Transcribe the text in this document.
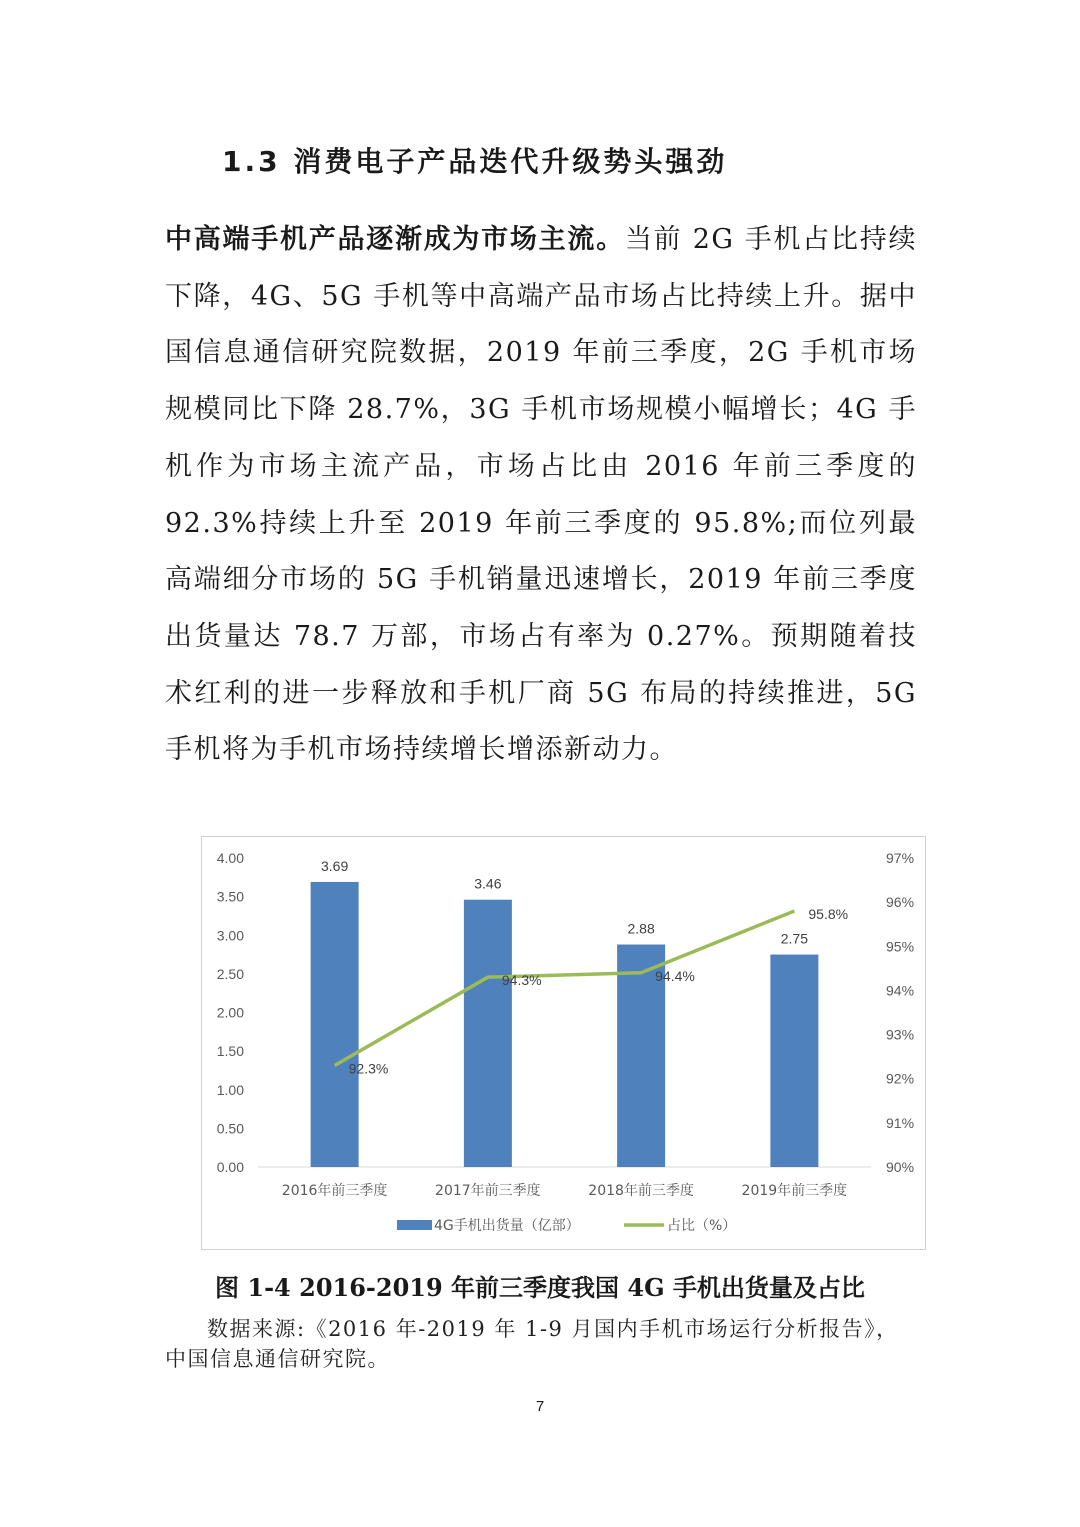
1.3 消费电子产品迭代升级势头强劲
中高端手机产品逐渐成为市场主流。当前 2G 手机占比持续下降，4G、5G 手机等中高端产品市场占比持续上升。据中国信息通信研究院数据，2019 年前三季度，2G 手机市场规模同比下降 28.7%，3G 手机市场规模小幅增长；4G 手机作为市场主流产品，市场占比由 2016 年前三季度的 92.3%持续上升至 2019 年前三季度的 95.8%;而位列最高端细分市场的 5G 手机销量迅速增长，2019 年前三季度出货量达 78.7 万部，市场占有率为 0.27%。预期随着技术红利的进一步释放和手机厂商 5G 布局的持续推进，5G 手机将为手机市场持续增长增添新动力。
0.00
0.50
1.00
1.50
2.00
2.50
3.00
3.50
4.00
90%
91%
92%
93%
94%
95%
96%
97%
3.69
3.46
2.88
2.75
2016年前三季度	2017年前三季度	2018年前三季度	2019年前三季度
92.3%
94.3%	94.4%
95.8%
4G手机出货量（亿部）	占比（%）
图 1-4 2016-2019 年前三季度我国 4G 手机出货量及占比
数据来源:《2016 年-2019 年 1-9 月国内手机市场运行分析报告》，中国信息通信研究院。
7
